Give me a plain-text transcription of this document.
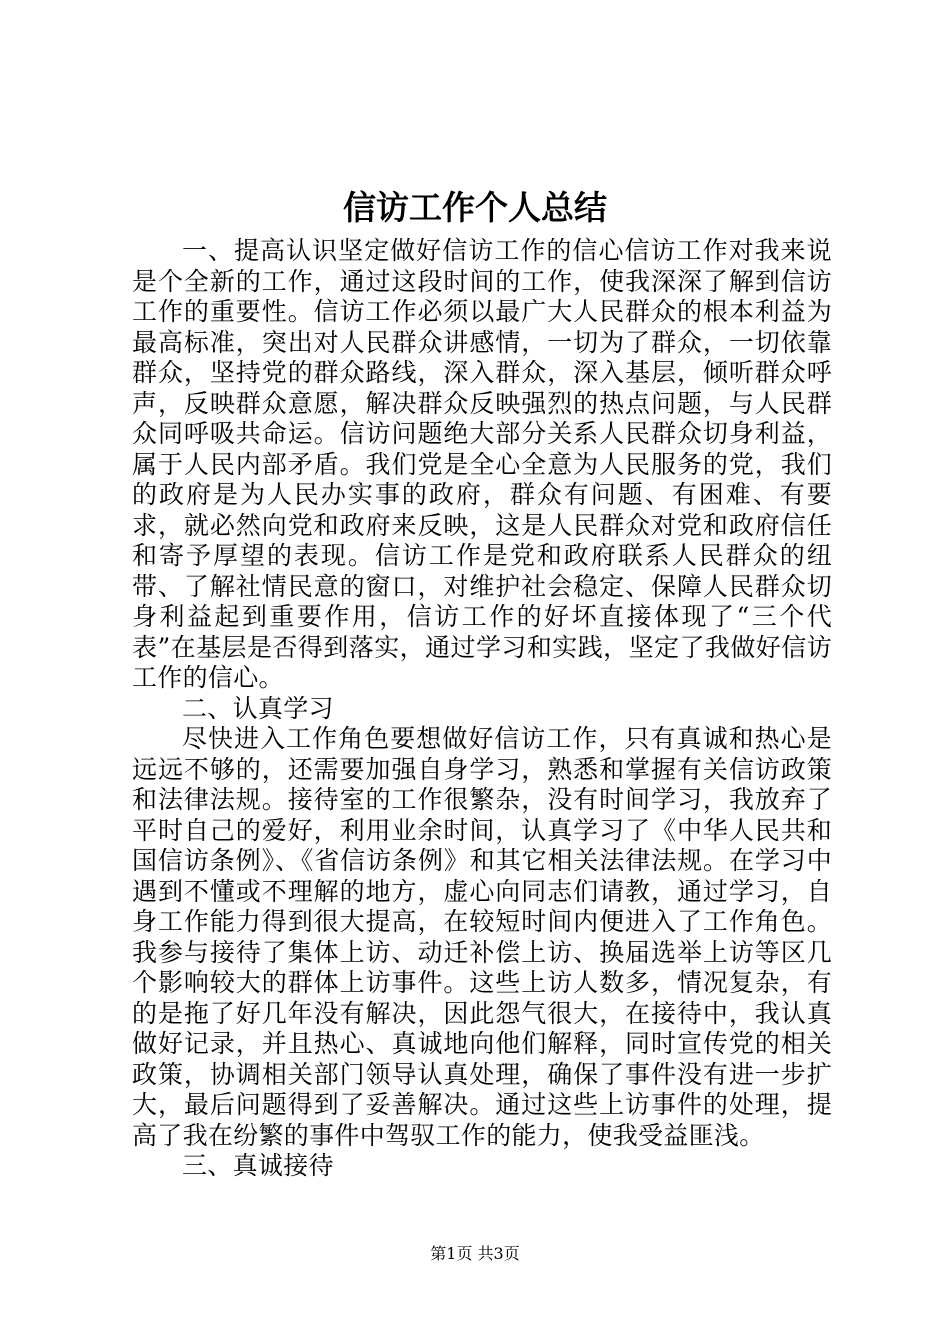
信访工作个人总结

一、提高认识坚定做好信访工作的信心信访工作对我来说是个全新的工作，通过这段时间的工作，使我深深了解到信访工作的重要性。信访工作必须以最广大人民群众的根本利益为最高标准，突出对人民群众讲感情，一切为了群众，一切依靠群众，坚持党的群众路线，深入群众，深入基层，倾听群众呼声，反映群众意愿，解决群众反映强烈的热点问题，与人民群众同呼吸共命运。信访问题绝大部分关系人民群众切身利益，属于人民内部矛盾。我们党是全心全意为人民服务的党，我们的政府是为人民办实事的政府，群众有问题、有困难、有要求，就必然向党和政府来反映，这是人民群众对党和政府信任和寄予厚望的表现。信访工作是党和政府联系人民群众的纽带、了解社情民意的窗口，对维护社会稳定、保障人民群众切身利益起到重要作用，信访工作的好坏直接体现了“三个代表”在基层是否得到落实，通过学习和实践，坚定了我做好信访工作的信心。

二、认真学习

尽快进入工作角色要想做好信访工作，只有真诚和热心是远远不够的，还需要加强自身学习，熟悉和掌握有关信访政策和法律法规。接待室的工作很繁杂，没有时间学习，我放弃了平时自己的爱好，利用业余时间，认真学习了《中华人民共和国信访条例》、《省信访条例》和其它相关法律法规。在学习中遇到不懂或不理解的地方，虚心向同志们请教，通过学习，自身工作能力得到很大提高，在较短时间内便进入了工作角色。我参与接待了集体上访、动迁补偿上访、换届选举上访等区几个影响较大的群体上访事件。这些上访人数多，情况复杂，有的是拖了好几年没有解决，因此怨气很大，在接待中，我认真做好记录，并且热心、真诚地向他们解释，同时宣传党的相关政策，协调相关部门领导认真处理，确保了事件没有进一步扩大，最后问题得到了妥善解决。通过这些上访事件的处理，提高了我在纷繁的事件中驾驭工作的能力，使我受益匪浅。

三、真诚接待

第1页 共3页
